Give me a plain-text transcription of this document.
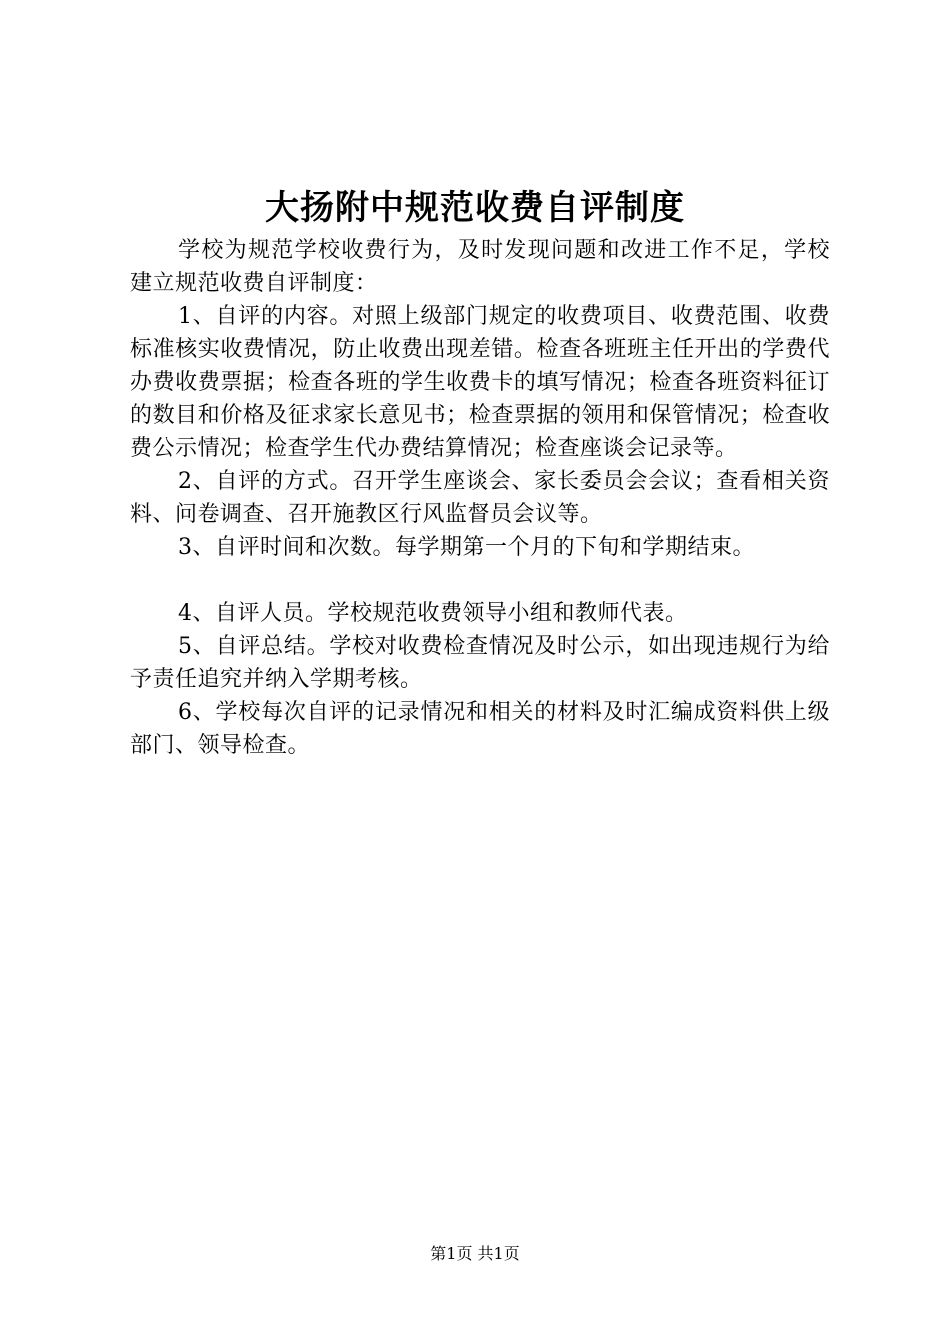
大扬附中规范收费自评制度

学校为规范学校收费行为，及时发现问题和改进工作不足，学校建立规范收费自评制度：

1、自评的内容。对照上级部门规定的收费项目、收费范围、收费标准核实收费情况，防止收费出现差错。检查各班班主任开出的学费代办费收费票据；检查各班的学生收费卡的填写情况；检查各班资料征订的数目和价格及征求家长意见书；检查票据的领用和保管情况；检查收费公示情况；检查学生代办费结算情况；检查座谈会记录等。

2、自评的方式。召开学生座谈会、家长委员会会议；查看相关资料、问卷调查、召开施教区行风监督员会议等。

3、自评时间和次数。每学期第一个月的下旬和学期结束。

4、自评人员。学校规范收费领导小组和教师代表。

5、自评总结。学校对收费检查情况及时公示，如出现违规行为给予责任追究并纳入学期考核。

6、学校每次自评的记录情况和相关的材料及时汇编成资料供上级部门、领导检查。

第1页 共1页
